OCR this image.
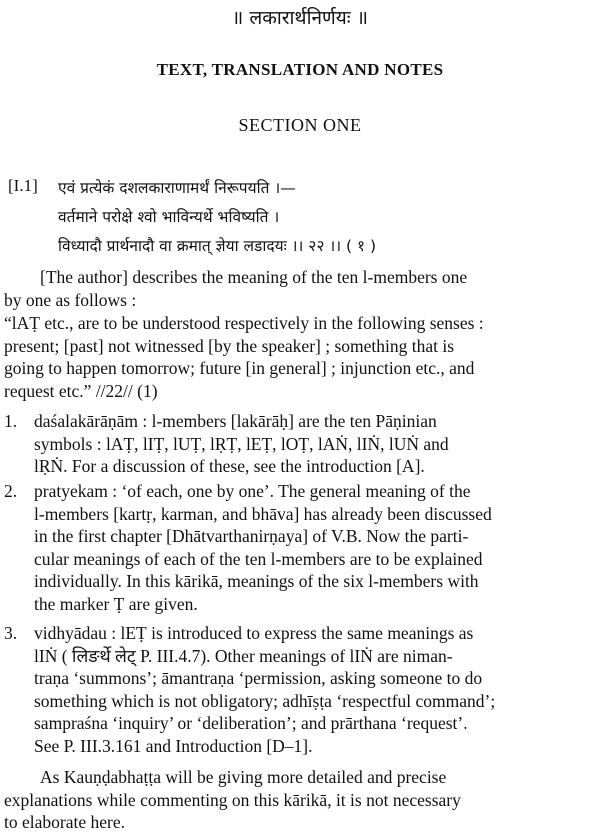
॥ लकारार्थनिर्णयः ॥
TEXT, TRANSLATION AND NOTES
SECTION ONE
[I.1] एवं प्रत्येकं दशलकाराणामर्थं निरूपयति ।—
वर्तमाने परोक्षे श्वो भाविन्यर्थे भविष्यति ।
विध्यादौ प्रार्थनादौ वा क्रमात् ज्ञेया लडादयः ।। २२ ।। ( १ )
[The author] describes the meaning of the ten l-members one
by one as follows :
“lAṬ etc., are to be understood respectively in the following senses :
present; [past] not witnessed [by the speaker] ; something that is
going to happen tomorrow; future [in general] ; injunction etc., and
request etc.” //22// (1)
1. daśalakārāṇām : l-members [lakārāḥ] are the ten Pāṇinian
symbols : lAṬ, lIṬ, lUṬ, lṚṬ, lEṬ, lOṬ, lAṄ, lIṄ, lUṄ and
lṚṄ. For a discussion of these, see the introduction [A].
2. pratyekam : ‘of each, one by one’. The general meaning of the
l-members [kartṛ, karman, and bhāva] has already been discussed
in the first chapter [Dhātvarthanirṇaya] of V.B. Now the parti-
cular meanings of each of the ten l-members are to be explained
individually. In this kārikā, meanings of the six l-members with
the marker Ṭ are given.
3. vidhyādau : lEṬ is introduced to express the same meanings as
lIṄ ( लिङर्थे लेट् P. III.4.7). Other meanings of lIṄ are niman-
traṇa ‘summons’; āmantraṇa ‘permission, asking someone to do
something which is not obligatory; adhīṣṭa ‘respectful command’;
sampraśna ‘inquiry’ or ‘deliberation’; and prārthana ‘request’.
See P. III.3.161 and Introduction [D–1].
As Kauṇḍabhaṭṭa will be giving more detailed and precise
explanations while commenting on this kārikā, it is not necessary
to elaborate here.
